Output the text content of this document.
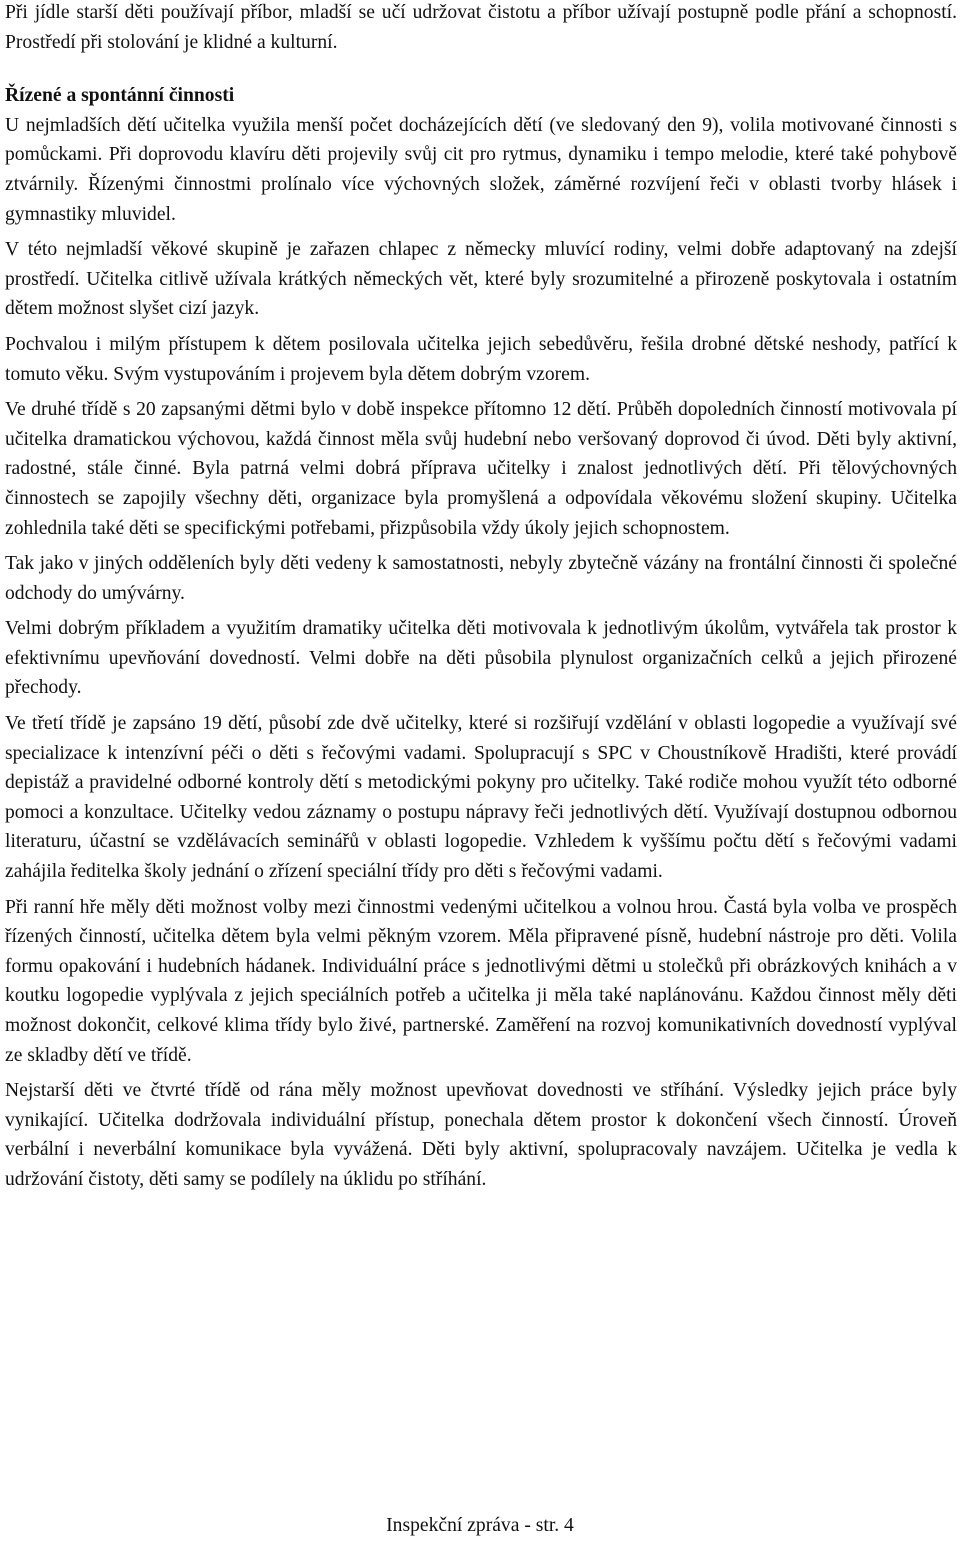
Při jídle starší děti používají příbor, mladší se učí udržovat čistotu a příbor užívají postupně podle přání a schopností. Prostředí při stolování je klidné a kulturní.

Řízené a spontánní činnosti

U nejmladších dětí učitelka využila menší počet docházejících dětí (ve sledovaný den 9), volila motivované činnosti s pomůckami. Při doprovodu klavíru děti projevily svůj cit pro rytmus, dynamiku i tempo melodie, které také pohybově ztvárnily. Řízenými činnostmi prolínalo více výchovných složek, záměrné rozvíjení řeči v oblasti tvorby hlásek i gymnastiky mluvidel.

V této nejmladší věkové skupině je zařazen chlapec z německy mluvící rodiny, velmi dobře adaptovaný na zdejší prostředí. Učitelka citlivě užívala krátkých německých vět, které byly srozumitelné a přirozeně poskytovala i ostatním dětem možnost slyšet cizí jazyk.

Pochvalou i milým přístupem k dětem posilovala učitelka jejich sebedůvěru, řešila drobné dětské neshody, patřící k tomuto věku. Svým vystupováním i projevem byla dětem dobrým vzorem.

Ve druhé třídě s 20 zapsanými dětmi bylo v době inspekce přítomno 12 dětí. Průběh dopoledních činností motivovala pí učitelka dramatickou výchovou, každá činnost měla svůj hudební nebo veršovaný doprovod či úvod. Děti byly aktivní, radostné, stále činné. Byla patrná velmi dobrá příprava učitelky i znalost jednotlivých dětí. Při tělovýchovných činnostech se zapojily všechny děti, organizace byla promyšlená a odpovídala věkovému složení skupiny. Učitelka zohlednila také děti se specifickými potřebami, přizpůsobila vždy úkoly jejich schopnostem.

Tak jako v jiných odděleních byly děti vedeny k samostatnosti, nebyly zbytečně vázány na frontální činnosti či společné odchody do umývárny.

Velmi dobrým příkladem a využitím dramatiky učitelka děti motivovala k jednotlivým úkolům, vytvářela tak prostor k efektivnímu upevňování dovedností. Velmi dobře na děti působila plynulost organizačních celků a jejich přirozené přechody.

Ve třetí třídě je zapsáno 19 dětí, působí zde dvě učitelky, které si rozšiřují vzdělání v oblasti logopedie a využívají své specializace k intenzívní péči o děti s řečovými vadami. Spolupracují s SPC v Choustníkově Hradišti, které provádí depistáž a pravidelné odborné kontroly dětí s metodickými pokyny pro učitelky. Také rodiče mohou využít této odborné pomoci a konzultace. Učitelky vedou záznamy o postupu nápravy řeči jednotlivých dětí. Využívají dostupnou odbornou literaturu, účastní se vzdělávacích seminářů v oblasti logopedie. Vzhledem k vyššímu počtu dětí s řečovými vadami zahájila ředitelka školy jednání o zřízení speciální třídy pro děti s řečovými vadami.

Při ranní hře měly děti možnost volby mezi činnostmi vedenými učitelkou a volnou hrou. Častá byla volba ve prospěch řízených činností, učitelka dětem byla velmi pěkným vzorem. Měla připravené písně, hudební nástroje pro děti. Volila formu opakování i hudebních hádanek. Individuální práce s jednotlivými dětmi u stolečků při obrázkových knihách a v koutku logopedie vyplývala z jejich speciálních potřeb a učitelka ji měla také naplánovánu. Každou činnost měly děti možnost dokončit, celkové klima třídy bylo živé, partnerské. Zaměření na rozvoj komunikativních dovedností vyplýval ze skladby dětí ve třídě.

Nejstarší děti ve čtvrté třídě od rána měly možnost upevňovat dovednosti ve stříhání. Výsledky jejich práce byly vynikající. Učitelka dodržovala individuální přístup, ponechala dětem prostor k dokončení všech činností. Úroveň verbální i neverbální komunikace byla vyvážená. Děti byly aktivní, spolupracovaly navzájem. Učitelka je vedla k udržování čistoty, děti samy se podílely na úklidu po stříhání.

Inspekční zpráva - str. 4
